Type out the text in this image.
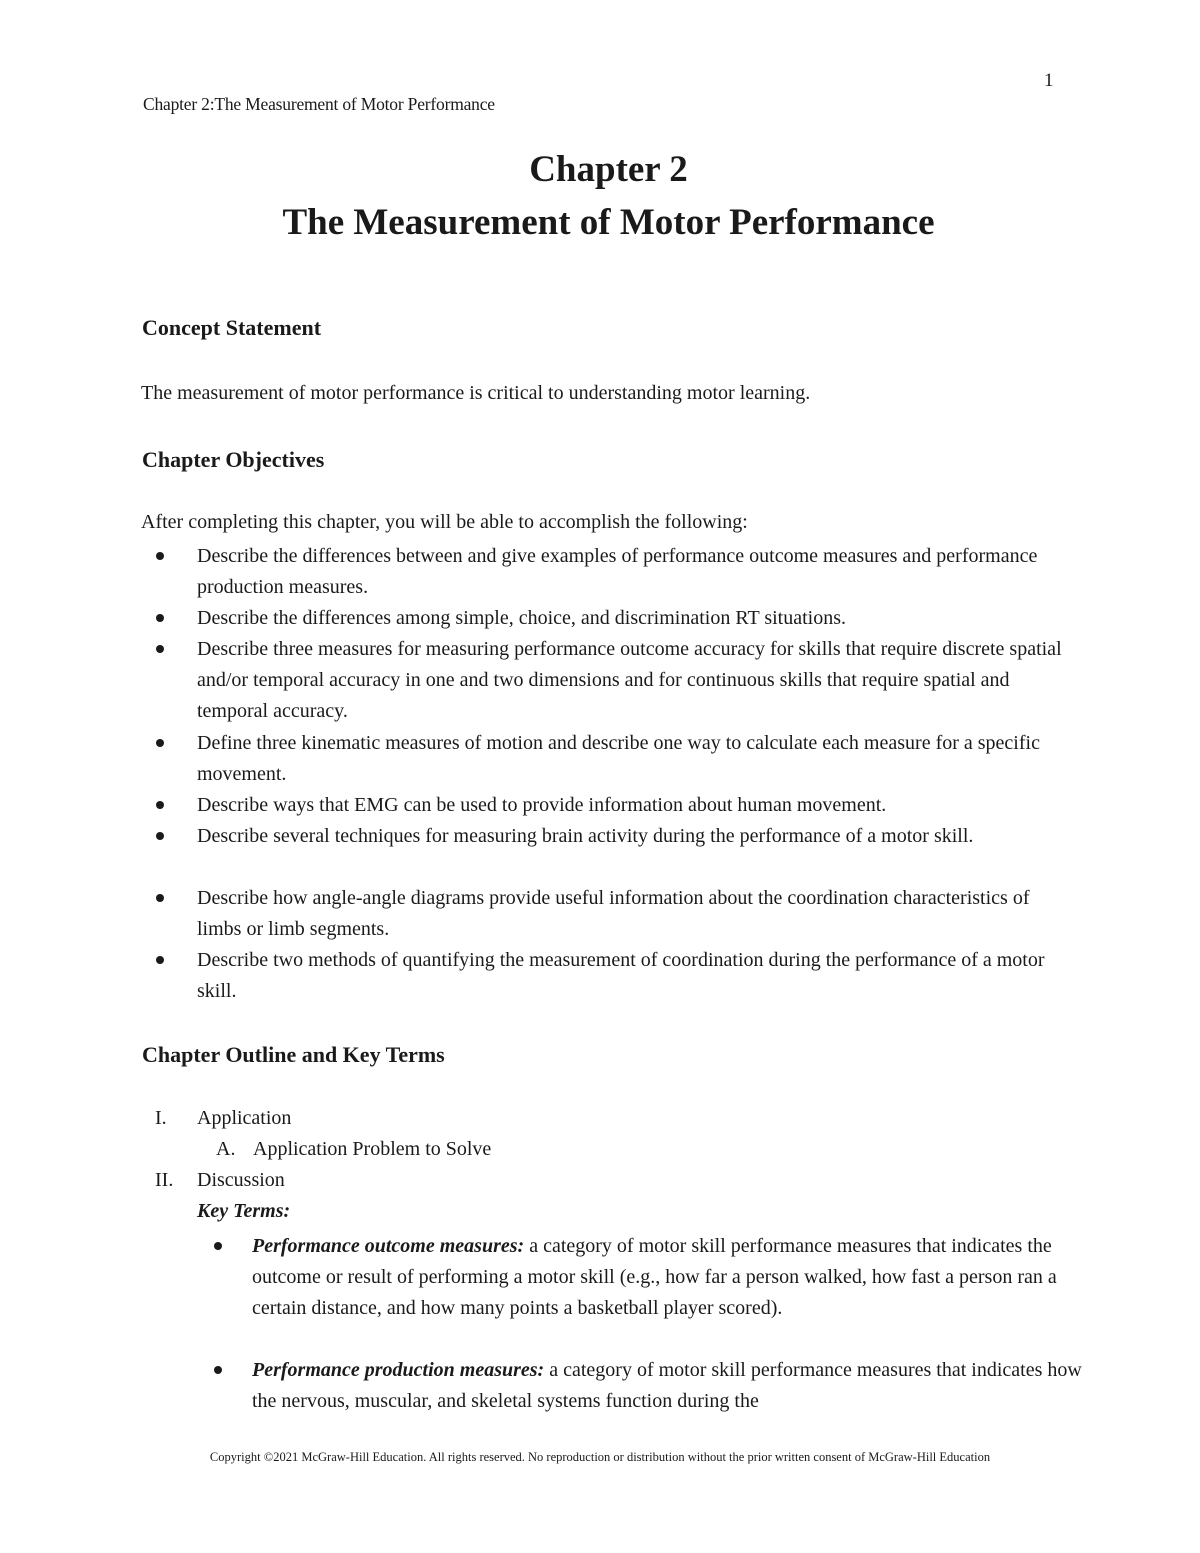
1
Chapter 2:The Measurement of Motor Performance
Chapter 2
The Measurement of Motor Performance
Concept Statement
The measurement of motor performance is critical to understanding motor learning.
Chapter Objectives
After completing this chapter, you will be able to accomplish the following:
Describe the differences between and give examples of performance outcome measures and performance production measures.
Describe the differences among simple, choice, and discrimination RT situations.
Describe three measures for measuring performance outcome accuracy for skills that require discrete spatial and/or temporal accuracy in one and two dimensions and for continuous skills that require spatial and temporal accuracy.
Define three kinematic measures of motion and describe one way to calculate each measure for a specific movement.
Describe ways that EMG can be used to provide information about human movement.
Describe several techniques for measuring brain activity during the performance of a motor skill.
Describe how angle-angle diagrams provide useful information about the coordination characteristics of limbs or limb segments.
Describe two methods of quantifying the measurement of coordination during the performance of a motor skill.
Chapter Outline and Key Terms
I. Application
A. Application Problem to Solve
II. Discussion
Key Terms:
Performance outcome measures: a category of motor skill performance measures that indicates the outcome or result of performing a motor skill (e.g., how far a person walked, how fast a person ran a certain distance, and how many points a basketball player scored).
Performance production measures: a category of motor skill performance measures that indicates how the nervous, muscular, and skeletal systems function during the
Copyright ©2021 McGraw-Hill Education. All rights reserved. No reproduction or distribution without the prior written consent of McGraw-Hill Education
